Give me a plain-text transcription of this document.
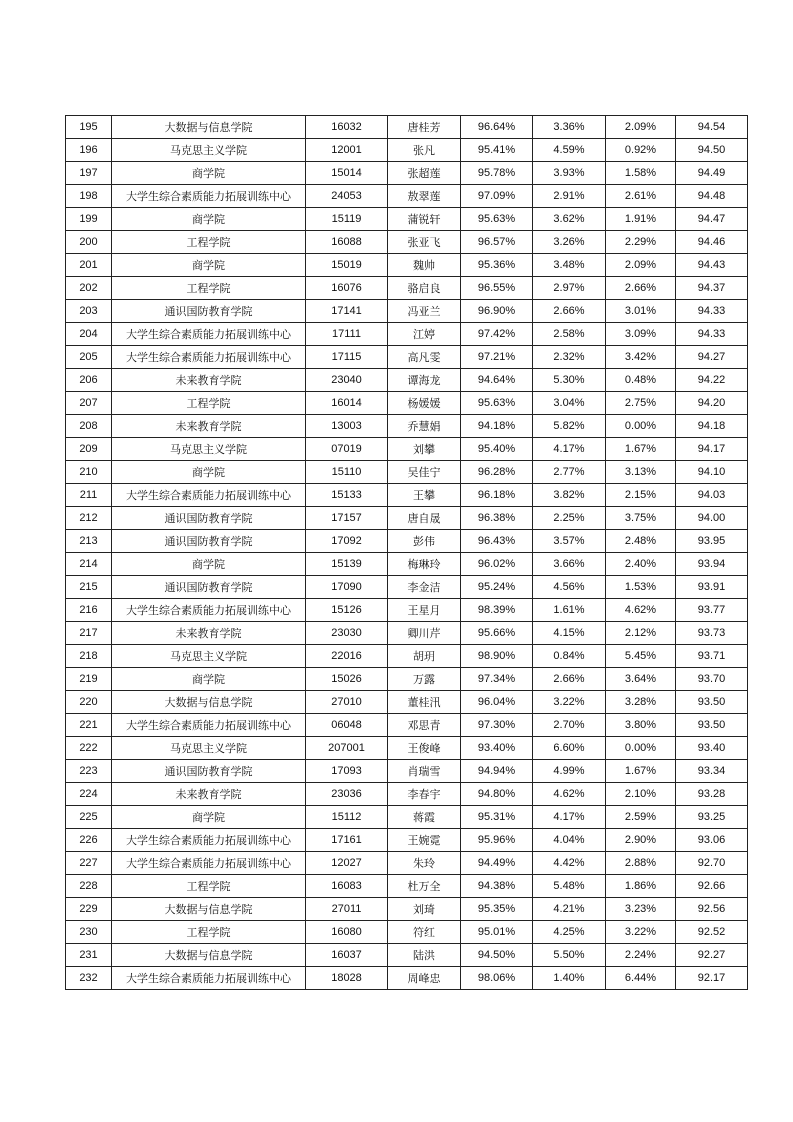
195	大数据与信息学院	16032	唐桂芳	96.64%	3.36%	2.09%	94.54
196	马克思主义学院	12001	张凡	95.41%	4.59%	0.92%	94.50
197	商学院	15014	张超莲	95.78%	3.93%	1.58%	94.49
198	大学生综合素质能力拓展训练中心	24053	敖翠莲	97.09%	2.91%	2.61%	94.48
199	商学院	15119	蒲锐轩	95.63%	3.62%	1.91%	94.47
200	工程学院	16088	张亚飞	96.57%	3.26%	2.29%	94.46
201	商学院	15019	魏帅	95.36%	3.48%	2.09%	94.43
202	工程学院	16076	骆启良	96.55%	2.97%	2.66%	94.37
203	通识国防教育学院	17141	冯亚兰	96.90%	2.66%	3.01%	94.33
204	大学生综合素质能力拓展训练中心	17111	江婷	97.42%	2.58%	3.09%	94.33
205	大学生综合素质能力拓展训练中心	17115	高凡雯	97.21%	2.32%	3.42%	94.27
206	未来教育学院	23040	谭海龙	94.64%	5.30%	0.48%	94.22
207	工程学院	16014	杨媛媛	95.63%	3.04%	2.75%	94.20
208	未来教育学院	13003	乔慧娟	94.18%	5.82%	0.00%	94.18
209	马克思主义学院	07019	刘攀	95.40%	4.17%	1.67%	94.17
210	商学院	15110	吴佳宁	96.28%	2.77%	3.13%	94.10
211	大学生综合素质能力拓展训练中心	15133	王攀	96.18%	3.82%	2.15%	94.03
212	通识国防教育学院	17157	唐自晟	96.38%	2.25%	3.75%	94.00
213	通识国防教育学院	17092	彭伟	96.43%	3.57%	2.48%	93.95
214	商学院	15139	梅琳玲	96.02%	3.66%	2.40%	93.94
215	通识国防教育学院	17090	李金洁	95.24%	4.56%	1.53%	93.91
216	大学生综合素质能力拓展训练中心	15126	王星月	98.39%	1.61%	4.62%	93.77
217	未来教育学院	23030	卿川芹	95.66%	4.15%	2.12%	93.73
218	马克思主义学院	22016	胡玥	98.90%	0.84%	5.45%	93.71
219	商学院	15026	万露	97.34%	2.66%	3.64%	93.70
220	大数据与信息学院	27010	董桂汛	96.04%	3.22%	3.28%	93.50
221	大学生综合素质能力拓展训练中心	06048	邓思青	97.30%	2.70%	3.80%	93.50
222	马克思主义学院	207001	王俊峰	93.40%	6.60%	0.00%	93.40
223	通识国防教育学院	17093	肖瑞雪	94.94%	4.99%	1.67%	93.34
224	未来教育学院	23036	李春宇	94.80%	4.62%	2.10%	93.28
225	商学院	15112	蒋霞	95.31%	4.17%	2.59%	93.25
226	大学生综合素质能力拓展训练中心	17161	王婉霓	95.96%	4.04%	2.90%	93.06
227	大学生综合素质能力拓展训练中心	12027	朱玲	94.49%	4.42%	2.88%	92.70
228	工程学院	16083	杜万全	94.38%	5.48%	1.86%	92.66
229	大数据与信息学院	27011	刘琦	95.35%	4.21%	3.23%	92.56
230	工程学院	16080	符红	95.01%	4.25%	3.22%	92.52
231	大数据与信息学院	16037	陆洪	94.50%	5.50%	2.24%	92.27
232	大学生综合素质能力拓展训练中心	18028	周峰忠	98.06%	1.40%	6.44%	92.17
